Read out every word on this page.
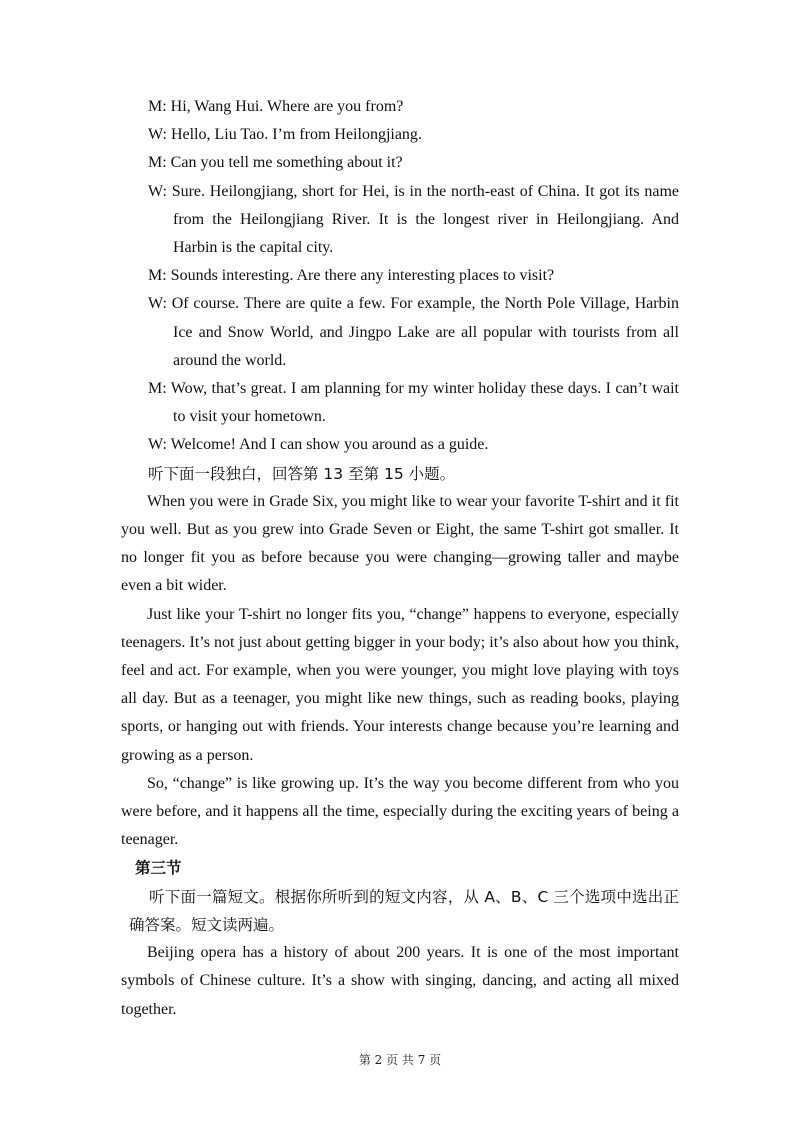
M: Hi, Wang Hui. Where are you from?

W: Hello, Liu Tao. I’m from Heilongjiang.

M: Can you tell me something about it?

W: Sure. Heilongjiang, short for Hei, is in the north-east of China. It got its name from the Heilongjiang River. It is the longest river in Heilongjiang. And Harbin is the capital city.

M: Sounds interesting. Are there any interesting places to visit?

W: Of course. There are quite a few. For example, the North Pole Village, Harbin Ice and Snow World, and Jingpo Lake are all popular with tourists from all around the world.

M: Wow, that’s great. I am planning for my winter holiday these days. I can’t wait to visit your hometown.

W: Welcome! And I can show you around as a guide.

听下面一段独白，回答第 13 至第 15 小题。

When you were in Grade Six, you might like to wear your favorite T-shirt and it fit you well. But as you grew into Grade Seven or Eight, the same T-shirt got smaller. It no longer fit you as before because you were changing—growing taller and maybe even a bit wider.

Just like your T-shirt no longer fits you, “change” happens to everyone, especially teenagers. It’s not just about getting bigger in your body; it’s also about how you think, feel and act. For example, when you were younger, you might love playing with toys all day. But as a teenager, you might like new things, such as reading books, playing sports, or hanging out with friends. Your interests change because you’re learning and growing as a person.

So, “change” is like growing up. It’s the way you become different from who you were before, and it happens all the time, especially during the exciting years of being a teenager.

第三节

听下面一篇短文。根据你所听到的短文内容，从 A、B、C 三个选项中选出正确答案。短文读两遍。

Beijing opera has a history of about 200 years. It is one of the most important symbols of Chinese culture. It’s a show with singing, dancing, and acting all mixed together.

第 2 页 共 7 页
